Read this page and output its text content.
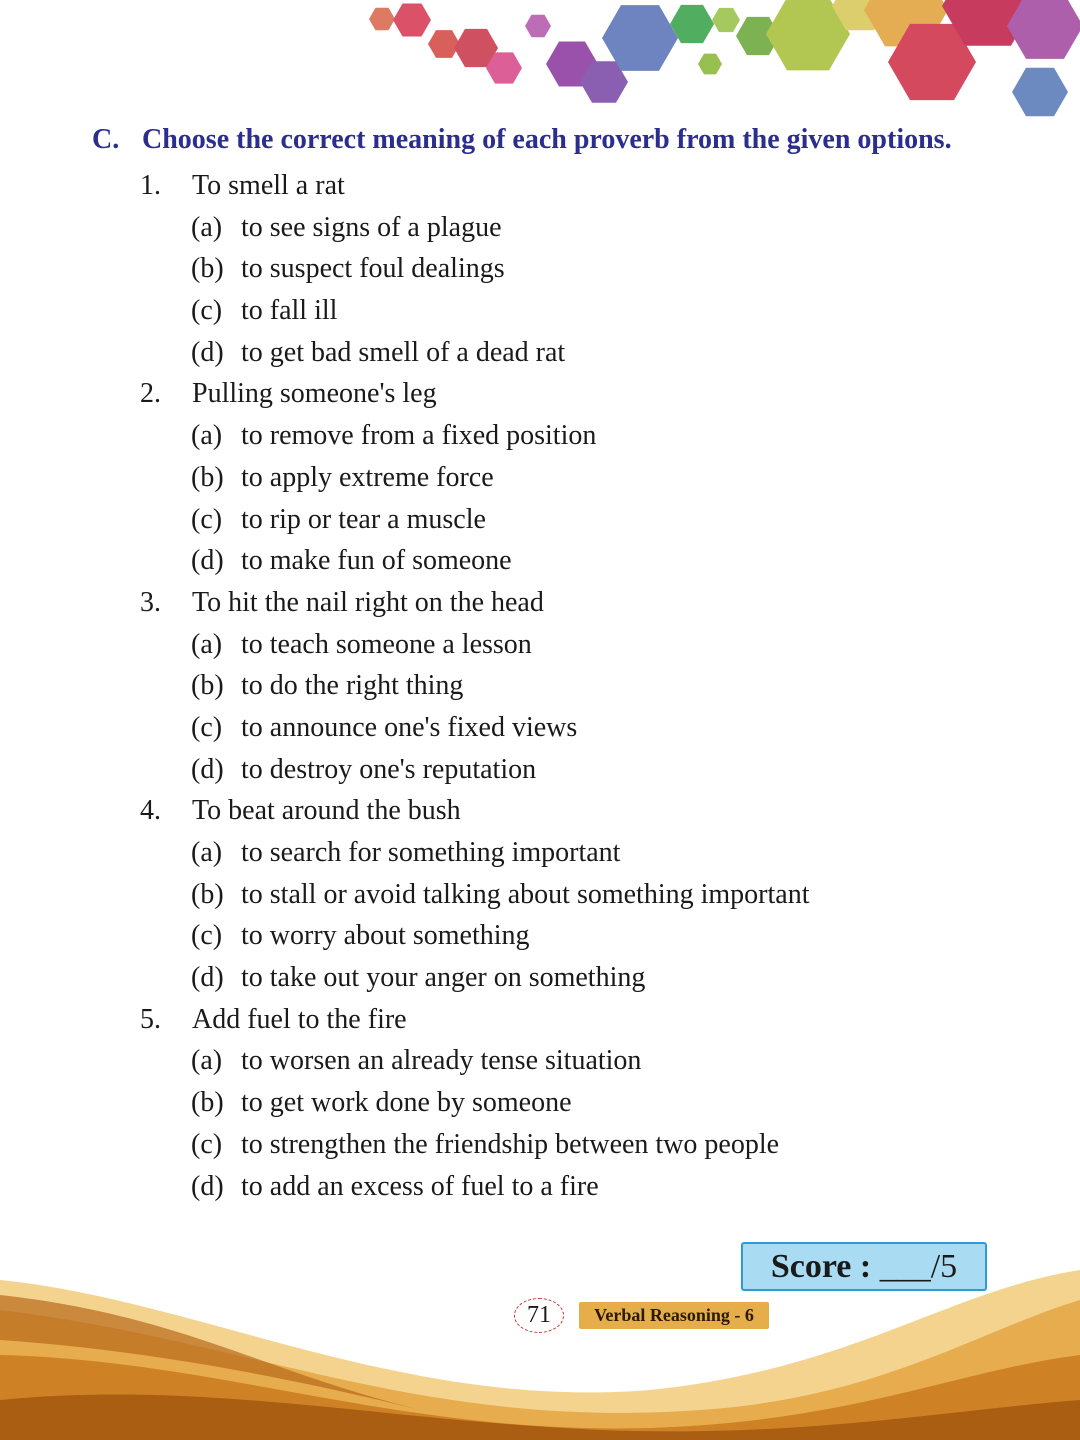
C. Choose the correct meaning of each proverb from the given options.
1. To smell a rat
(a) to see signs of a plague
(b) to suspect foul dealings
(c) to fall ill
(d) to get bad smell of a dead rat
2. Pulling someone's leg
(a) to remove from a fixed position
(b) to apply extreme force
(c) to rip or tear a muscle
(d) to make fun of someone
3. To hit the nail right on the head
(a) to teach someone a lesson
(b) to do the right thing
(c) to announce one's fixed views
(d) to destroy one's reputation
4. To beat around the bush
(a) to search for something important
(b) to stall or avoid talking about something important
(c) to worry about something
(d) to take out your anger on something
5. Add fuel to the fire
(a) to worsen an already tense situation
(b) to get work done by someone
(c) to strengthen the friendship between two people
(d) to add an excess of fuel to a fire
Score : ___/5
71	Verbal Reasoning - 6
